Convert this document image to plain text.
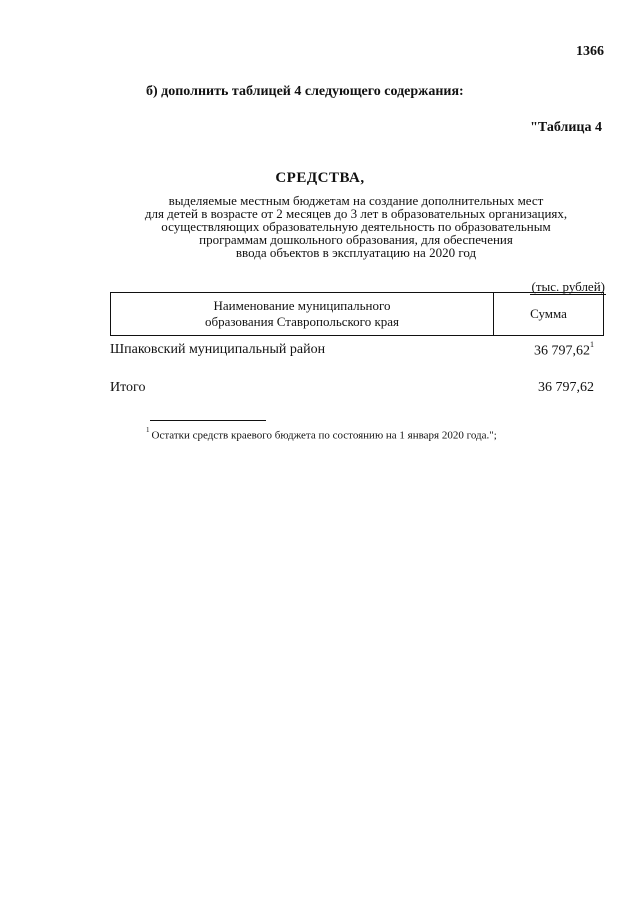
1366
б) дополнить таблицей 4 следующего содержания:
"Таблица 4
СРЕДСТВА,
выделяемые местным бюджетам на создание дополнительных мест
для детей в возрасте от 2 месяцев до 3 лет в образовательных организациях,
осуществляющих образовательную деятельность по образовательным
программам дошкольного образования, для обеспечения
ввода объектов в эксплуатацию на 2020 год
(тыс. рублей)
Наименование муниципального
образования Ставропольского края
Сумма
Шпаковский муниципальный район	36 797,62$^1$
Итого	36 797,62
$^1$ Остатки средств краевого бюджета по состоянию на 1 января 2020 года.";
